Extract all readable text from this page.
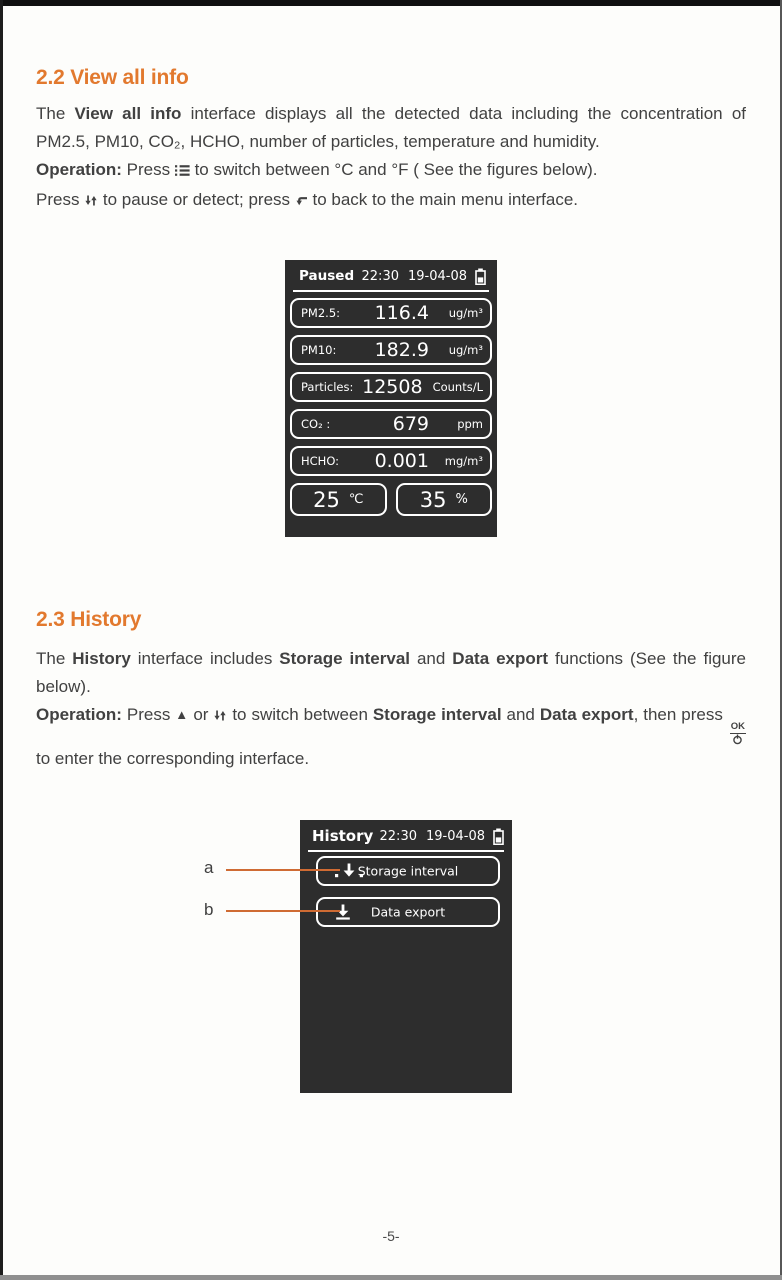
2.2 View all info
The View all info interface displays all the detected data including the concentration of PM2.5, PM10, CO₂, HCHO, number of particles, temperature and humidity.
Operation: Press  to switch between °C and °F ( See the figures below).
Press  to pause or detect; press  to back to the main menu interface.
Paused 22:30 19-04-08
PM2.5:	116.4	ug/m³
PM10:	182.9	ug/m³
Particles: 12508 Counts/L
CO₂ :	679	ppm
HCHO:	0.001	mg/m³
25 ℃	35 %
2.3 History
The History interface includes Storage interval and Data export functions (See the figure below).
Operation: Press ▲ or  to switch between Storage interval and Data export, then press
OK
to enter the corresponding interface.
History 22:30 19-04-08
Storage interval
Data export
a
b
-5-
